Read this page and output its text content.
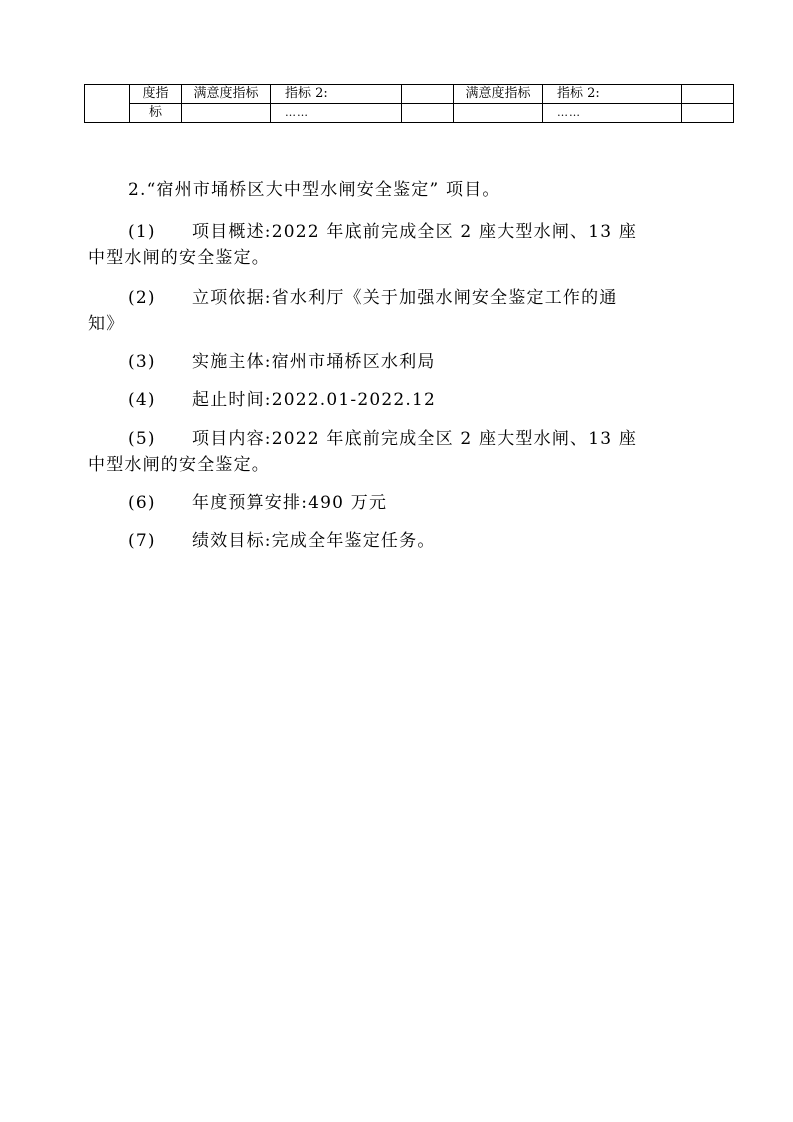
	度指	满意度指标	指标 2:		满意度指标	指标 2:	
	标		……			……	
2.“宿州市埇桥区大中型水闸安全鉴定” 项目。
(1) 项目概述:2022 年底前完成全区 2 座大型水闸、13 座
中型水闸的安全鉴定。
(2) 立项依据:省水利厅《关于加强水闸安全鉴定工作的通
知》
(3) 实施主体:宿州市埇桥区水利局
(4) 起止时间:2022.01-2022.12
(5) 项目内容:2022 年底前完成全区 2 座大型水闸、13 座
中型水闸的安全鉴定。
(6) 年度预算安排:490 万元
(7) 绩效目标:完成全年鉴定任务。
